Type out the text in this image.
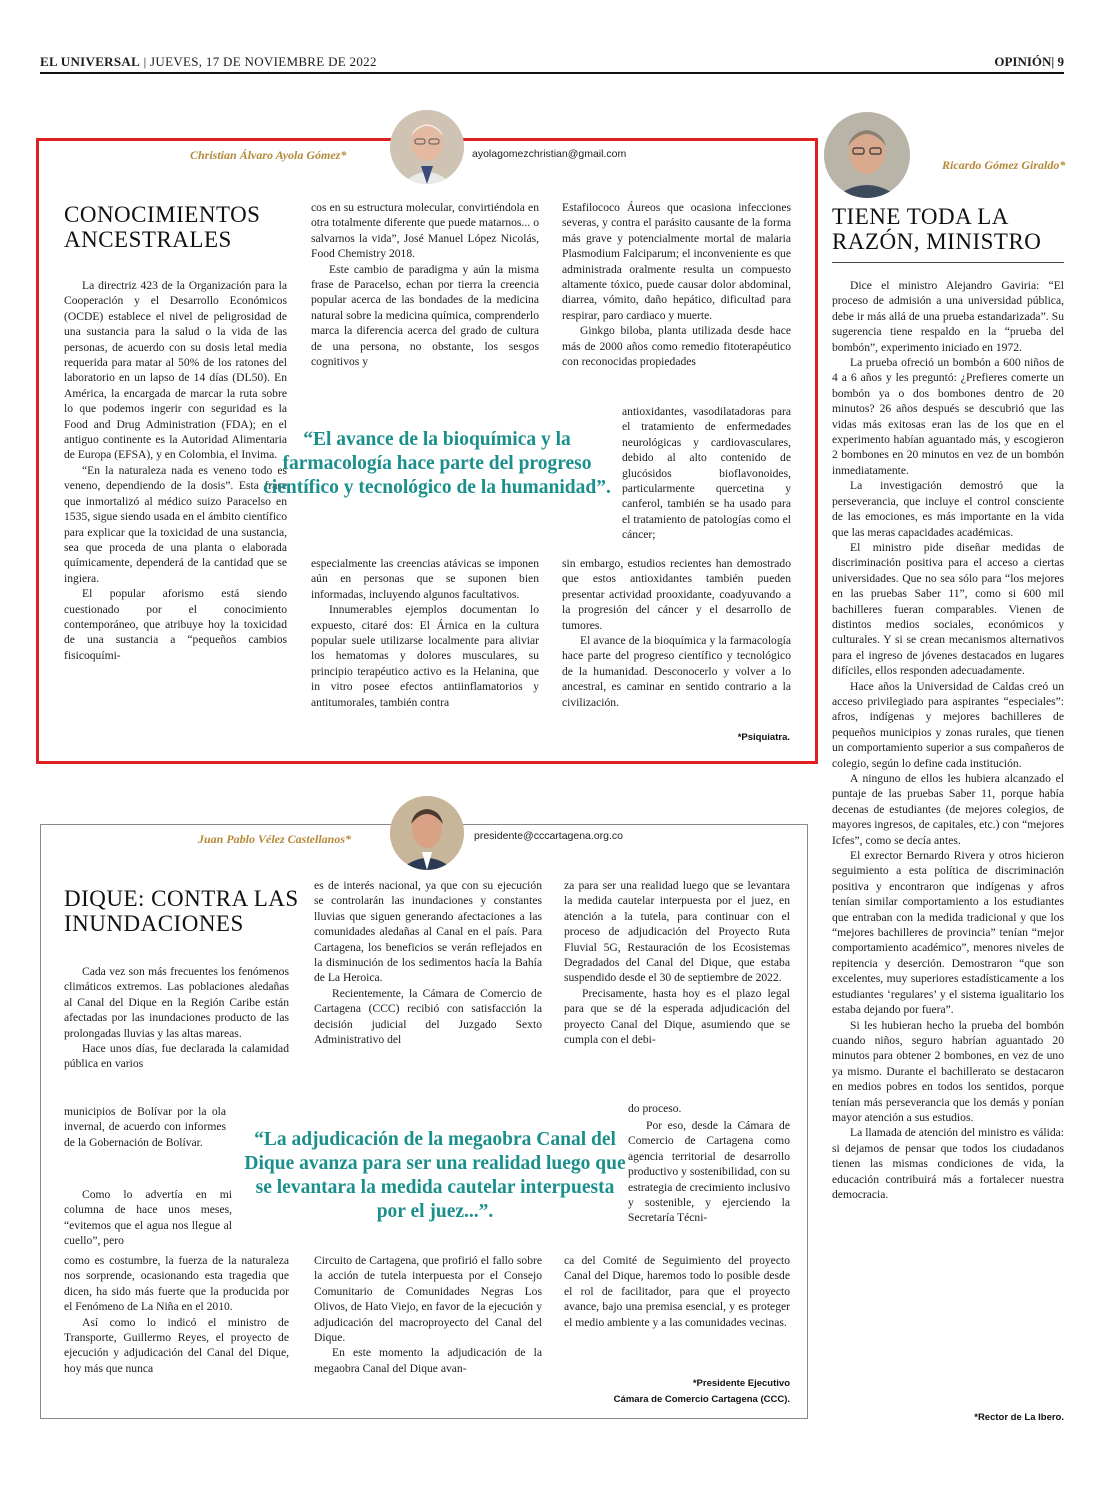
EL UNIVERSAL | JUEVES, 17 DE NOVIEMBRE DE 2022	OPINIÓN| 9
Christian Álvaro Ayola Gómez*	ayolagomezchristian@gmail.com
CONOCIMIENTOS ANCESTRALES

La directriz 423 de la Organización para la Cooperación y el Desarrollo Económicos (OCDE) establece el nivel de peligrosidad de una sustancia para la salud o la vida de las personas, de acuerdo con su dosis letal media requerida para matar al 50% de los ratones del laboratorio en un lapso de 14 días (DL50). En América, la encargada de marcar la ruta sobre lo que podemos ingerir con seguridad es la Food and Drug Administration (FDA); en el antiguo continente es la Autoridad Alimentaria de Europa (EFSA), y en Colombia, el Invima.

“En la naturaleza nada es veneno todo es veneno, dependiendo de la dosis”. Esta frase que inmortalizó al médico suizo Paracelso en 1535, sigue siendo usada en el ámbito científico para explicar que la toxicidad de una sustancia, sea que proceda de una planta o elaborada químicamente, dependerá de la cantidad que se ingiera.

El popular aforismo está siendo cuestionado por el conocimiento contemporáneo, que atribuye hoy la toxicidad de una sustancia a “pequeños cambios fisicoquími-

cos en su estructura molecular, convirtiéndola en otra totalmente diferente que puede matarnos... o salvarnos la vida”, José Manuel López Nicolás, Food Chemistry 2018.

Este cambio de paradigma y aún la misma frase de Paracelso, echan por tierra la creencia popular acerca de las bondades de la medicina natural sobre la medicina química, comprenderlo marca la diferencia acerca del grado de cultura de una persona, no obstante, los sesgos cognitivos y

“El avance de la bioquímica y la farmacología hace parte del progreso científico y tecnológico de la humanidad”.

especialmente las creencias atávicas se imponen aún en personas que se suponen bien informadas, incluyendo algunos facultativos.

Innumerables ejemplos documentan lo expuesto, citaré dos: El Árnica en la cultura popular suele utilizarse localmente para aliviar los hematomas y dolores musculares, su principio terapéutico activo es la Helanina, que in vitro posee efectos antiinflamatorios y antitumorales, también contra

Estafilococo Áureos que ocasiona infecciones severas, y contra el parásito causante de la forma más grave y potencialmente mortal de malaria Plasmodium Falciparum; el inconveniente es que administrada oralmente resulta un compuesto altamente tóxico, puede causar dolor abdominal, diarrea, vómito, daño hepático, dificultad para respirar, paro cardiaco y muerte.

Ginkgo biloba, planta utilizada desde hace más de 2000 años como remedio fitoterapéutico con reconocidas propiedades

antioxidantes, vasodilatadoras para el tratamiento de enfermedades neurológicas y cardiovasculares, debido al alto contenido de glucósidos bioflavonoides, particularmente quercetina y canferol, también se ha usado para el tratamiento de patologías como el cáncer;

sin embargo, estudios recientes han demostrado que estos antioxidantes también pueden presentar actividad prooxidante, coadyuvando a la progresión del cáncer y el desarrollo de tumores.

El avance de la bioquímica y la farmacología hace parte del progreso científico y tecnológico de la humanidad. Desconocerlo y volver a lo ancestral, es caminar en sentido contrario a la civilización.

*Psiquiatra.
Ricardo Gómez Giraldo*
TIENE TODA LA RAZÓN, MINISTRO

Dice el ministro Alejandro Gaviria: “El proceso de admisión a una universidad pública, debe ir más allá de una prueba estandarizada”. Su sugerencia tiene respaldo en la “prueba del bombón”, experimento iniciado en 1972.

La prueba ofreció un bombón a 600 niños de 4 a 6 años y les preguntó: ¿Prefieres comerte un bombón ya o dos bombones dentro de 20 minutos? 26 años después se descubrió que las vidas más exitosas eran las de los que en el experimento habían aguantado más, y escogieron 2 bombones en 20 minutos en vez de un bombón inmediatamente.

La investigación demostró que la perseverancia, que incluye el control consciente de las emociones, es más importante en la vida que las meras capacidades académicas.

El ministro pide diseñar medidas de discriminación positiva para el acceso a ciertas universidades. Que no sea sólo para “los mejores en las pruebas Saber 11”, como si 600 mil bachilleres fueran comparables. Vienen de distintos medios sociales, económicos y culturales. Y si se crean mecanismos alternativos para el ingreso de jóvenes destacados en lugares difíciles, ellos responden adecuadamente.

Hace años la Universidad de Caldas creó un acceso privilegiado para aspirantes “especiales”: afros, indígenas y mejores bachilleres de pequeños municipios y zonas rurales, que tienen un comportamiento superior a sus compañeros de colegio, según lo define cada institución.

A ninguno de ellos les hubiera alcanzado el puntaje de las pruebas Saber 11, porque había decenas de estudiantes (de mejores colegios, de mayores ingresos, de capitales, etc.) con “mejores Icfes”, como se decía antes.

El exrector Bernardo Rivera y otros hicieron seguimiento a esta política de discriminación positiva y encontraron que indígenas y afros tenían similar comportamiento a los estudiantes que entraban con la medida tradicional y que los “mejores bachilleres de provincia” tenían “mejor comportamiento académico”, menores niveles de repitencia y deserción. Demostraron “que son excelentes, muy superiores estadísticamente a los estudiantes ‘regulares’ y el sistema igualitario los estaba dejando por fuera”.

Si les hubieran hecho la prueba del bombón cuando niños, seguro habrían aguantado 20 minutos para obtener 2 bombones, en vez de uno ya mismo. Durante el bachillerato se destacaron en medios pobres en todos los sentidos, porque tenían más perseverancia que los demás y ponían mayor atención a sus estudios.

La llamada de atención del ministro es válida: si dejamos de pensar que todos los ciudadanos tienen las mismas condiciones de vida, la educación contribuirá más a fortalecer nuestra democracia.

*Rector de La Ibero.
Juan Pablo Vélez Castellanos*	presidente@cccartagena.org.co
DIQUE: CONTRA LAS INUNDACIONES

Cada vez son más frecuentes los fenómenos climáticos extremos. Las poblaciones aledañas al Canal del Dique en la Región Caribe están afectadas por las inundaciones producto de las prolongadas lluvias y las altas mareas.

Hace unos días, fue declarada la calamidad pública en varios

municipios de Bolívar por la ola invernal, de acuerdo con informes de la Gobernación de Bolívar.

Como lo advertía en mi columna de hace unos meses, “evitemos que el agua nos llegue al cuello”, pero

como es costumbre, la fuerza de la naturaleza nos sorprende, ocasionando esta tragedia que dicen, ha sido más fuerte que la producida por el Fenómeno de La Niña en el 2010.

Así como lo indicó el ministro de Transporte, Guillermo Reyes, el proyecto de ejecución y adjudicación del Canal del Dique, hoy más que nunca

es de interés nacional, ya que con su ejecución se controlarán las inundaciones y constantes lluvias que siguen generando afectaciones a las comunidades aledañas al Canal en el país. Para Cartagena, los beneficios se verán reflejados en la disminución de los sedimentos hacía la Bahía de La Heroica.

Recientemente, la Cámara de Comercio de Cartagena (CCC) recibió con satisfacción la decisión judicial del Juzgado Sexto Administrativo del

“La adjudicación de la megaobra Canal del Dique avanza para ser una realidad luego que se levantara la medida cautelar interpuesta por el juez...”.

Circuito de Cartagena, que profirió el fallo sobre la acción de tutela interpuesta por el Consejo Comunitario de Comunidades Negras Los Olivos, de Hato Viejo, en favor de la ejecución y adjudicación del macroproyecto del Canal del Dique.

En este momento la adjudicación de la megaobra Canal del Dique avan-

za para ser una realidad luego que se levantara la medida cautelar interpuesta por el juez, en atención a la tutela, para continuar con el proceso de adjudicación del Proyecto Ruta Fluvial 5G, Restauración de los Ecosistemas Degradados del Canal del Dique, que estaba suspendido desde el 30 de septiembre de 2022.

Precisamente, hasta hoy es el plazo legal para que se dé la esperada adjudicación del proyecto Canal del Dique, asumiendo que se cumpla con el debi-

do proceso.

Por eso, desde la Cámara de Comercio de Cartagena como agencia territorial de desarrollo productivo y sostenibilidad, con su estrategia de crecimiento inclusivo y sostenible, y ejerciendo la Secretaría Técni-

ca del Comité de Seguimiento del proyecto Canal del Dique, haremos todo lo posible desde el rol de facilitador, para que el proyecto avance, bajo una premisa esencial, y es proteger el medio ambiente y a las comunidades vecinas.

*Presidente Ejecutivo
Cámara de Comercio Cartagena (CCC).
